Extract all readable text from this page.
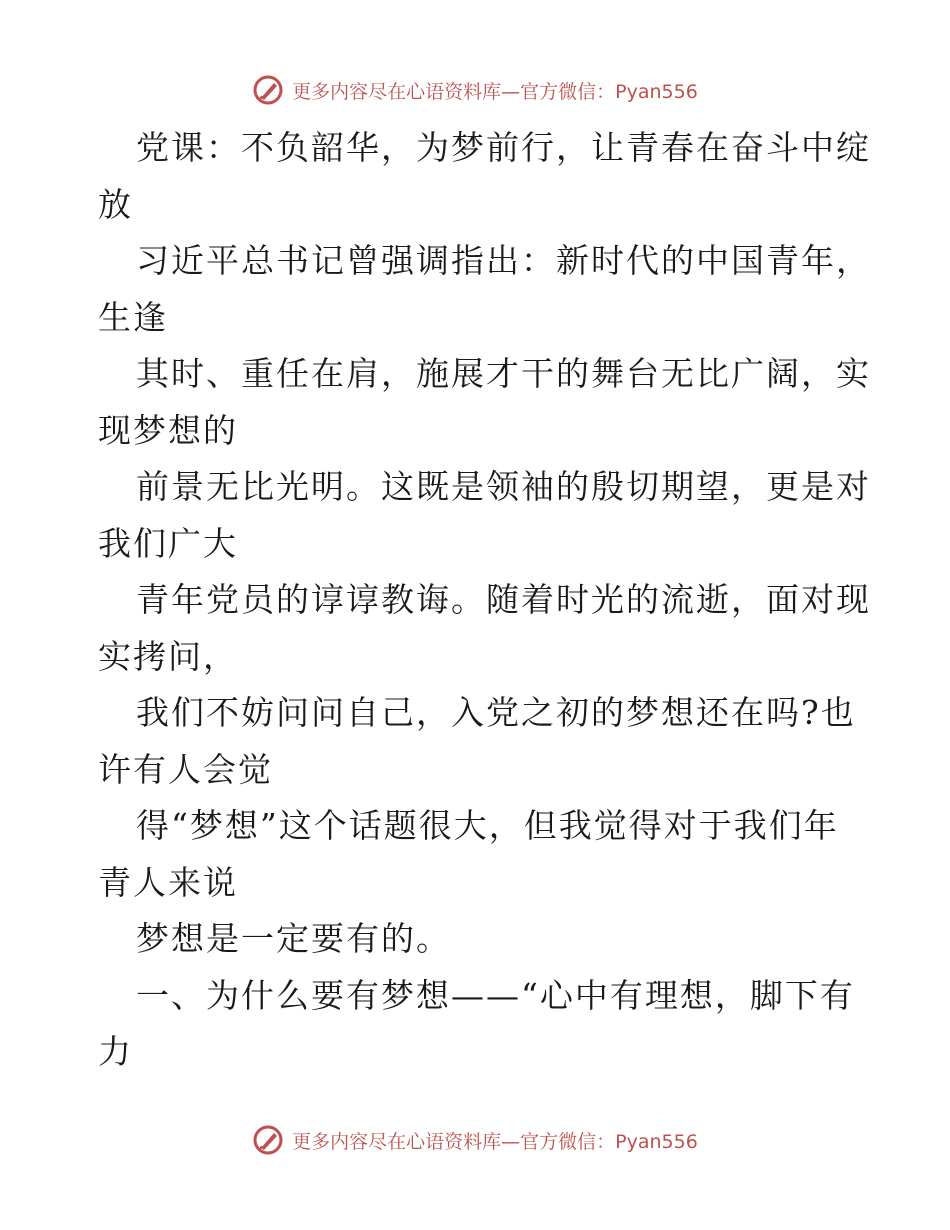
更多内容尽在心语资料库—官方微信：Pyan556
党课：不负韶华，为梦前行，让青春在奋斗中绽
放
习近平总书记曾强调指出：新时代的中国青年，
生逢
其时、重任在肩，施展才干的舞台无比广阔，实
现梦想的
前景无比光明。这既是领袖的殷切期望，更是对
我们广大
青年党员的谆谆教诲。随着时光的流逝，面对现
实拷问，
我们不妨问问自己，入党之初的梦想还在吗?也
许有人会觉
得“梦想”这个话题很大，但我觉得对于我们年
青人来说
梦想是一定要有的。
一、为什么要有梦想——“心中有理想，脚下有
力
更多内容尽在心语资料库—官方微信：Pyan556
